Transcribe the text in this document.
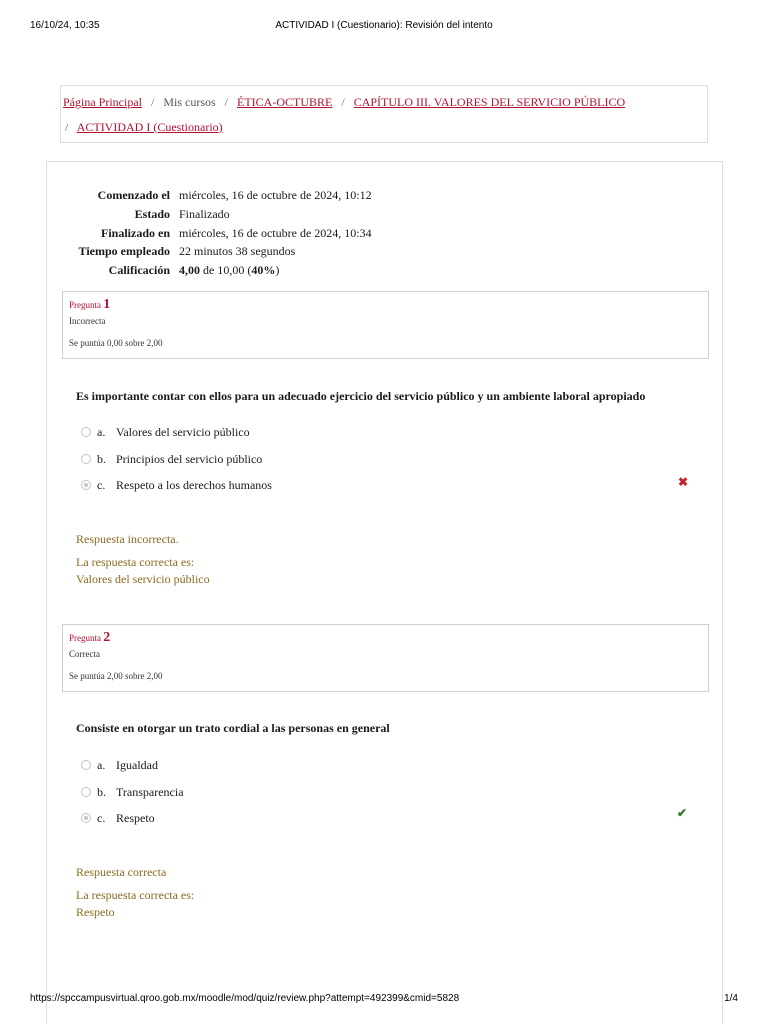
16/10/24, 10:35	ACTIVIDAD I (Cuestionario): Revisión del intento
Página Principal / Mis cursos / ÉTICA-OCTUBRE / CAPÍTULO III. VALORES DEL SERVICIO PÚBLICO
/ ACTIVIDAD I (Cuestionario)
Comenzado el miércoles, 16 de octubre de 2024, 10:12
Estado Finalizado
Finalizado en miércoles, 16 de octubre de 2024, 10:34
Tiempo empleado 22 minutos 38 segundos
Calificación 4,00 de 10,00 (40%)
Pregunta 1
Incorrecta
Se puntúa 0,00 sobre 2,00
Es importante contar con ellos para un adecuado ejercicio del servicio público y un ambiente laboral apropiado
a. Valores del servicio público
b. Principios del servicio público
c. Respeto a los derechos humanos	✖
Respuesta incorrecta.
La respuesta correcta es:
Valores del servicio público
Pregunta 2
Correcta
Se puntúa 2,00 sobre 2,00
Consiste en otorgar un trato cordial a las personas en general
a. Igualdad
b. Transparencia
c. Respeto	✔
Respuesta correcta
La respuesta correcta es:
Respeto
https://spccampusvirtual.qroo.gob.mx/moodle/mod/quiz/review.php?attempt=492399&cmid=5828	1/4
